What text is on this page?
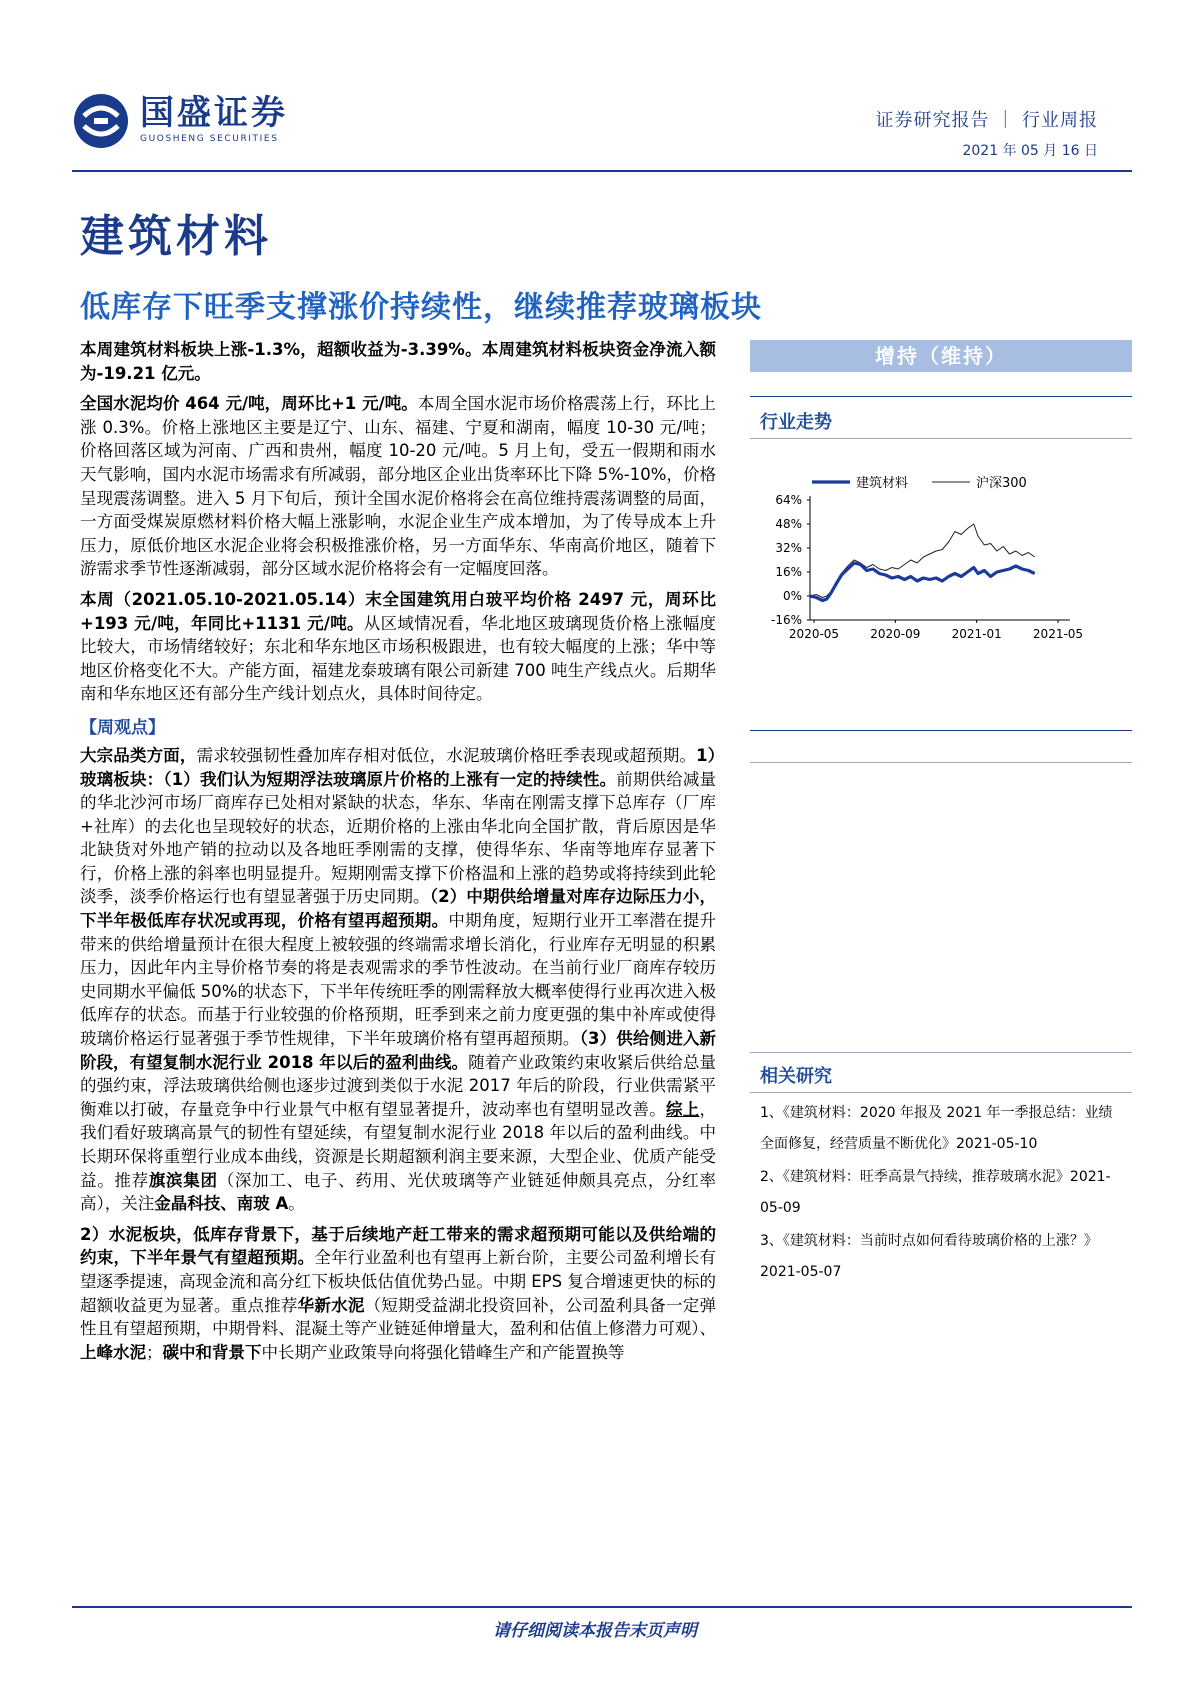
国盛证券
GUOSHENG SECURITIES
证券研究报告 ｜ 行业周报
2021 年 05 月 16 日
建筑材料
低库存下旺季支撑涨价持续性，继续推荐玻璃板块

本周建筑材料板块上涨-1.3%，超额收益为-3.39%。本周建筑材料板块资金净流入额为-19.21 亿元。

全国水泥均价 464 元/吨，周环比+1 元/吨。本周全国水泥市场价格震荡上行，环比上涨 0.3%。价格上涨地区主要是辽宁、山东、福建、宁夏和湖南，幅度 10-30 元/吨；价格回落区域为河南、广西和贵州，幅度 10-20 元/吨。5 月上旬，受五一假期和雨水天气影响，国内水泥市场需求有所减弱，部分地区企业出货率环比下降 5%-10%，价格呈现震荡调整。进入 5 月下旬后，预计全国水泥价格将会在高位维持震荡调整的局面，一方面受煤炭原燃材料价格大幅上涨影响，水泥企业生产成本增加，为了传导成本上升压力，原低价地区水泥企业将会积极推涨价格，另一方面华东、华南高价地区，随着下游需求季节性逐渐减弱，部分区域水泥价格将会有一定幅度回落。

本周（2021.05.10-2021.05.14）末全国建筑用白玻平均价格 2497 元，周环比+193 元/吨，年同比+1131 元/吨。从区域情况看，华北地区玻璃现货价格上涨幅度比较大，市场情绪较好；东北和华东地区市场积极跟进，也有较大幅度的上涨；华中等地区价格变化不大。产能方面，福建龙泰玻璃有限公司新建 700 吨生产线点火。后期华南和华东地区还有部分生产线计划点火，具体时间待定。

【周观点】

大宗品类方面，需求较强韧性叠加库存相对低位，水泥玻璃价格旺季表现或超预期。1）玻璃板块：（1）我们认为短期浮法玻璃原片价格的上涨有一定的持续性。前期供给减量的华北沙河市场厂商库存已处相对紧缺的状态，华东、华南在刚需支撑下总库存（厂库+社库）的去化也呈现较好的状态，近期价格的上涨由华北向全国扩散，背后原因是华北缺货对外地产销的拉动以及各地旺季刚需的支撑，使得华东、华南等地库存显著下行，价格上涨的斜率也明显提升。短期刚需支撑下价格温和上涨的趋势或将持续到此轮淡季，淡季价格运行也有望显著强于历史同期。（2）中期供给增量对库存边际压力小，下半年极低库存状况或再现，价格有望再超预期。中期角度，短期行业开工率潜在提升带来的供给增量预计在很大程度上被较强的终端需求增长消化，行业库存无明显的积累压力，因此年内主导价格节奏的将是表观需求的季节性波动。在当前行业厂商库存较历史同期水平偏低 50%的状态下，下半年传统旺季的刚需释放大概率使得行业再次进入极低库存的状态。而基于行业较强的价格预期，旺季到来之前力度更强的集中补库或使得玻璃价格运行显著强于季节性规律，下半年玻璃价格有望再超预期。（3）供给侧进入新阶段，有望复制水泥行业 2018 年以后的盈利曲线。随着产业政策约束收紧后供给总量的强约束，浮法玻璃供给侧也逐步过渡到类似于水泥 2017 年后的阶段，行业供需紧平衡难以打破，存量竞争中行业景气中枢有望显著提升，波动率也有望明显改善。综上，我们看好玻璃高景气的韧性有望延续，有望复制水泥行业 2018 年以后的盈利曲线。中长期环保将重塑行业成本曲线，资源是长期超额利润主要来源，大型企业、优质产能受益。推荐旗滨集团（深加工、电子、药用、光伏玻璃等产业链延伸颇具亮点，分红率高），关注金晶科技、南玻 A。

2）水泥板块，低库存背景下，基于后续地产赶工带来的需求超预期可能以及供给端的约束，下半年景气有望超预期。全年行业盈利也有望再上新台阶，主要公司盈利增长有望逐季提速，高现金流和高分红下板块低估值优势凸显。中期 EPS 复合增速更快的标的超额收益更为显著。重点推荐华新水泥（短期受益湖北投资回补，公司盈利具备一定弹性且有望超预期，中期骨料、混凝土等产业链延伸增量大，盈利和估值上修潜力可观）、上峰水泥；碳中和背景下中长期产业政策导向将强化错峰生产和产能置换等

增持（维持）
行业走势
64%
48%
32%
16%
0%
-16%
2020-05	2020-09	2021-01	2021-05
建筑材料	沪深300
相关研究
1、《建筑材料：2020 年报及 2021 年一季报总结：业绩全面修复，经营质量不断优化》2021-05-10
2、《建筑材料：旺季高景气持续，推荐玻璃水泥》2021-05-09
3、《建筑材料：当前时点如何看待玻璃价格的上涨？》2021-05-07
请仔细阅读本报告末页声明
